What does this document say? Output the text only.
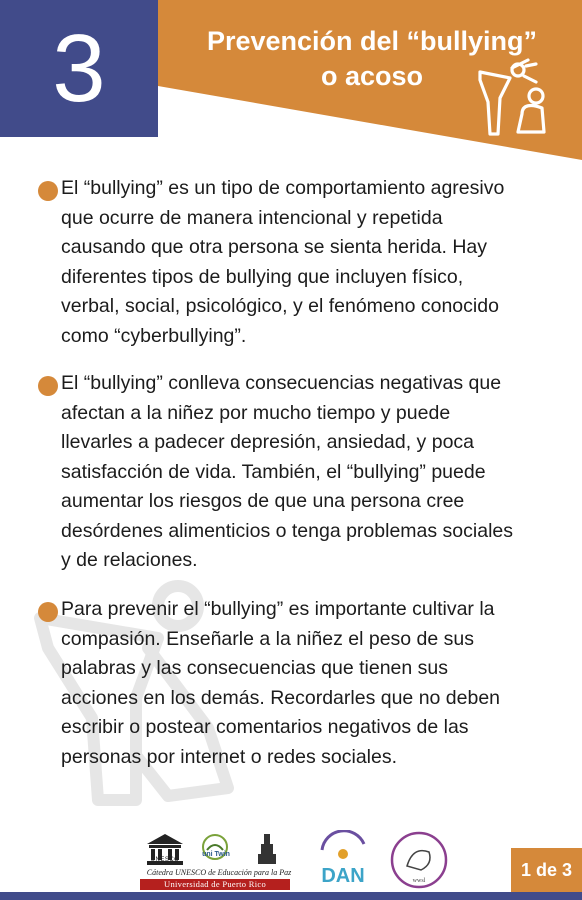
3	Prevención del “bullying”
o acoso
El “bullying” es un tipo de comportamiento agresivo
que ocurre de manera intencional y repetida
causando que otra persona se sienta herida. Hay
diferentes tipos de bullying que incluyen físico,
verbal, social, psicológico, y el fenómeno conocido
como “cyberbullying”.
El “bullying” conlleva consecuencias negativas que
afectan a la niñez por mucho tiempo y puede
llevarles a padecer depresión, ansiedad, y poca
satisfacción de vida. También, el “bullying” puede
aumentar los riesgos de que una persona cree
desórdenes alimenticios o tenga problemas sociales
y de relaciones.
Para prevenir el “bullying” es importante cultivar la
compasión. Enseñarle a la niñez el peso de sus
palabras y las consecuencias que tienen sus
acciones en los demás. Recordarles que no deben
escribir o postear comentarios negativos de las
personas por internet o redes sociales.
UNESCO
uni Twin
Cátedra UNESCO de Educación para la Paz
Universidad de Puerto Rico	DAN	wwsl
1 de 3
